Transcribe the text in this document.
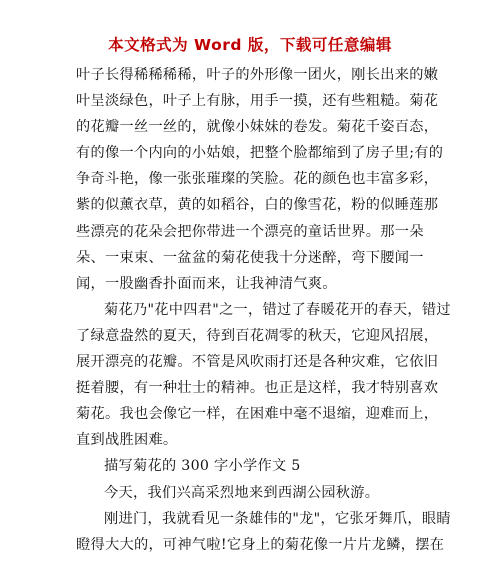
本文格式为 Word 版，下载可任意编辑

叶子长得稀稀稀稀，叶子的外形像一团火，刚长出来的嫩
叶呈淡绿色，叶子上有脉，用手一摸，还有些粗糙。菊花
的花瓣一丝一丝的，就像小妹妹的卷发。菊花千姿百态，
有的像一个内向的小姑娘，把整个脸都缩到了房子里;有的
争奇斗艳，像一张张璀璨的笑脸。花的颜色也丰富多彩，
紫的似薰衣草，黄的如稻谷，白的像雪花，粉的似睡莲那
些漂亮的花朵会把你带进一个漂亮的童话世界。那一朵
朵、一束束、一盆盆的菊花使我十分迷醉，弯下腰闻一
闻，一股幽香扑面而来，让我神清气爽。

菊花乃"花中四君"之一，错过了春暖花开的春天，错过
了绿意盎然的夏天，待到百花凋零的秋天，它迎风招展，
展开漂亮的花瓣。不管是风吹雨打还是各种灾难，它依旧
挺着腰，有一种壮士的精神。也正是这样，我才特别喜欢
菊花。我也会像它一样，在困难中毫不退缩，迎难而上，
直到战胜困难。

描写菊花的 300 字小学作文 5

今天，我们兴高采烈地来到西湖公园秋游。

刚进门，我就看见一条雄伟的"龙"，它张牙舞爪，眼睛
瞪得大大的，可神气啦!它身上的菊花像一片片龙鳞，摆在
